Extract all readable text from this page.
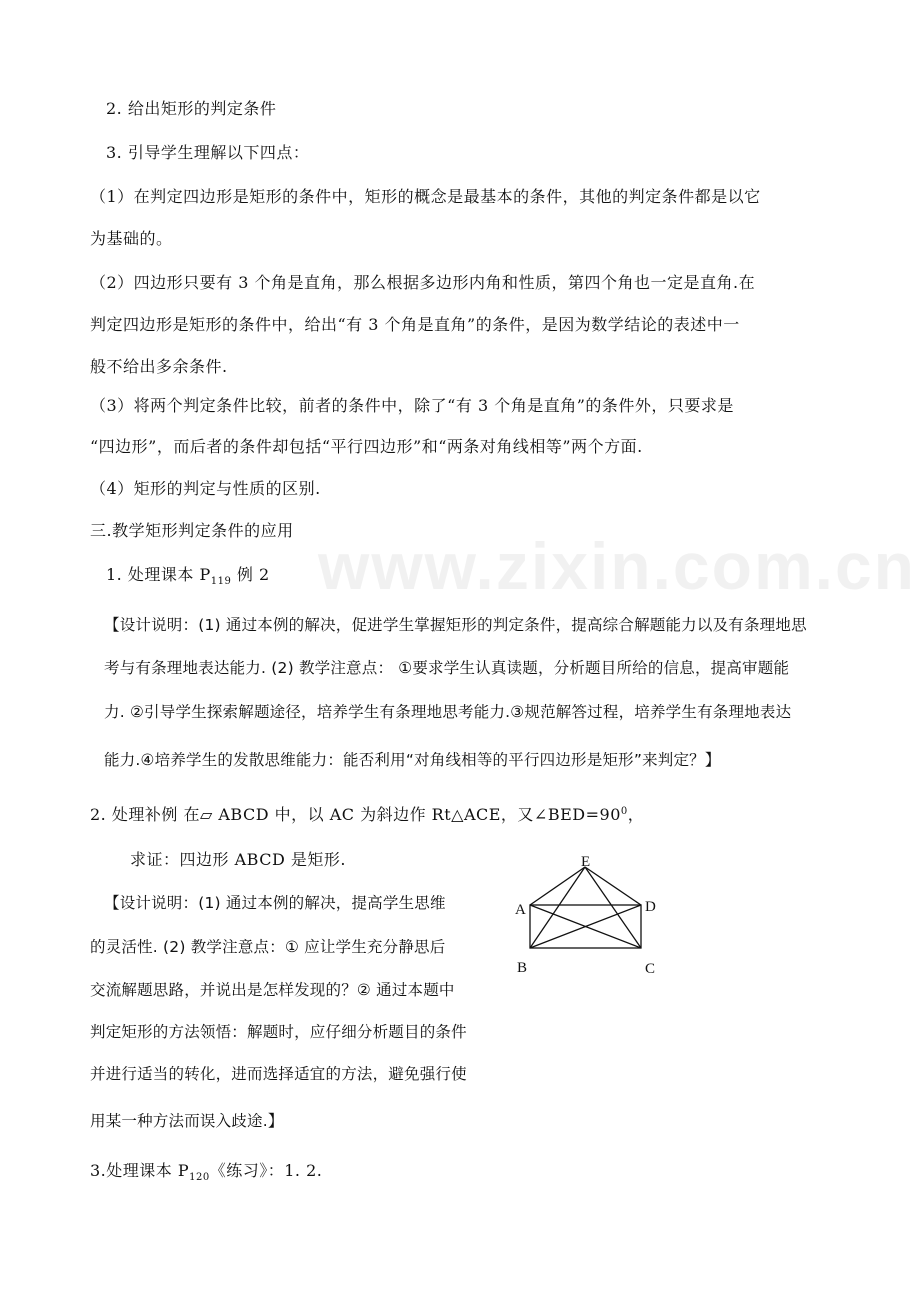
www.zixin.com.cn
2. 给出矩形的判定条件
3. 引导学生理解以下四点：
（1）在判定四边形是矩形的条件中，矩形的概念是最基本的条件，其他的判定条件都是以它
为基础的。
（2）四边形只要有 3 个角是直角，那么根据多边形内角和性质，第四个角也一定是直角.在
判定四边形是矩形的条件中，给出“有 3 个角是直角”的条件，是因为数学结论的表述中一
般不给出多余条件.
（3）将两个判定条件比较，前者的条件中，除了“有 3 个角是直角”的条件外，只要求是
“四边形”，而后者的条件却包括“平行四边形”和“两条对角线相等”两个方面.
（4）矩形的判定与性质的区别.
三.教学矩形判定条件的应用
1. 处理课本 $P_{119}$ 例 2
【设计说明：(1) 通过本例的解决，促进学生掌握矩形的判定条件，提高综合解题能力以及有条理地思
考与有条理地表达能力. (2) 教学注意点： ①要求学生认真读题，分析题目所给的信息，提高审题能
力. ②引导学生探索解题途径，培养学生有条理地思考能力.③规范解答过程，培养学生有条理地表达
能力.④培养学生的发散思维能力：能否利用“对角线相等的平行四边形是矩形”来判定？】
2. 处理补例 在▱ ABCD 中，以 AC 为斜边作 Rt△ACE，又$\angle BED=90^0$，
求证：四边形 ABCD 是矩形.
【设计说明：(1) 通过本例的解决，提高学生思维
的灵活性. (2) 教学注意点：① 应让学生充分静思后
交流解题思路，并说出是怎样发现的？② 通过本题中
判定矩形的方法领悟：解题时，应仔细分析题目的条件
并进行适当的转化，进而选择适宜的方法，避免强行使
用某一种方法而误入歧途.】
3.处理课本 $P_{120}$《练习》：1. 2.
E
A	D
B	C
